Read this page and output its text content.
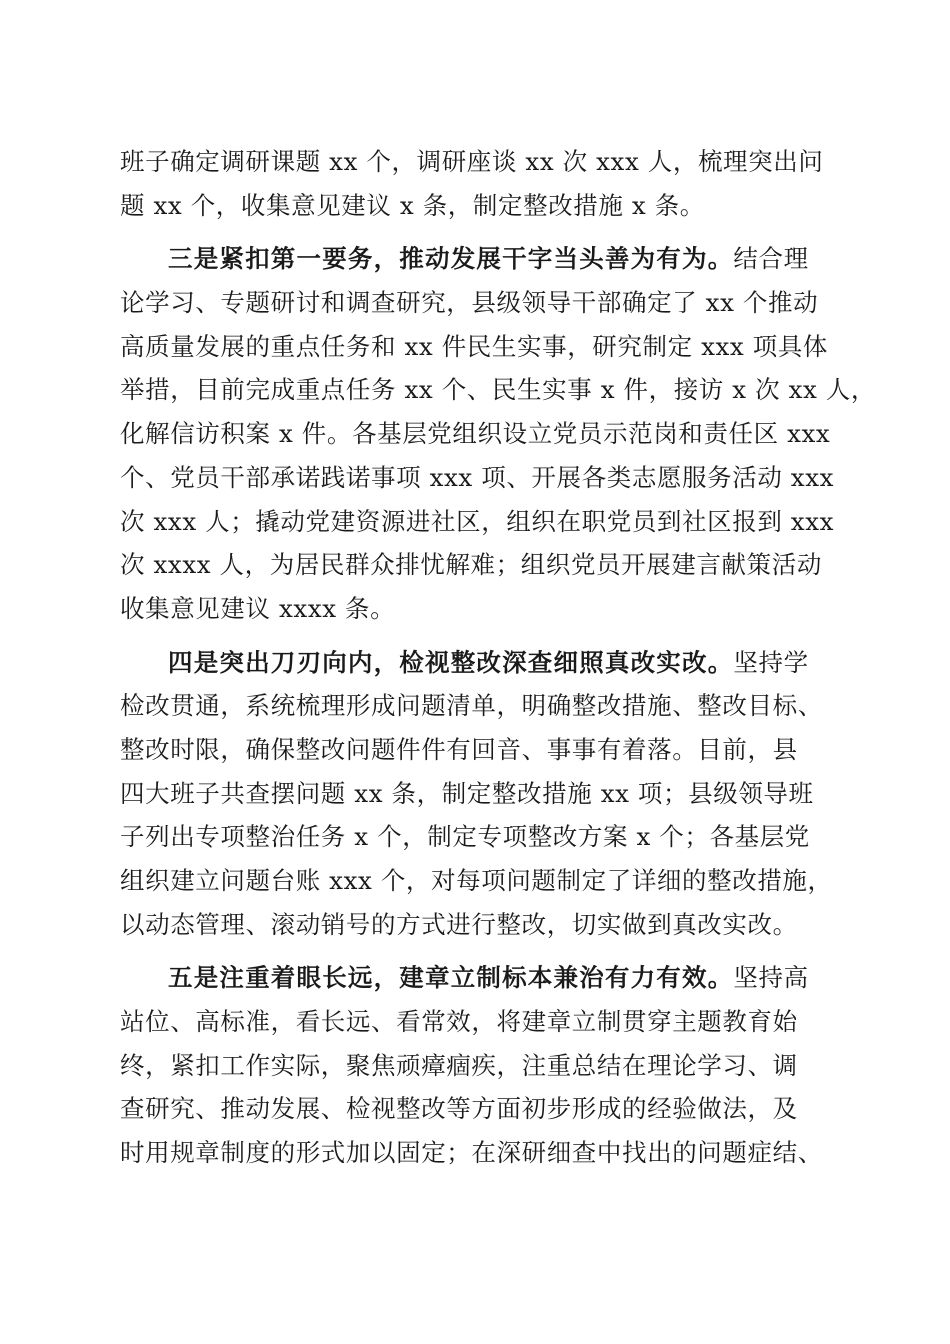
班子确定调研课题 xx 个，调研座谈 xx 次 xxx 人，梳理突出问
题 xx 个，收集意见建议 x 条，制定整改措施 x 条。
三是紧扣第一要务，推动发展干字当头善为有为。结合理
论学习、专题研讨和调查研究，县级领导干部确定了 xx 个推动
高质量发展的重点任务和 xx 件民生实事，研究制定 xxx 项具体
举措，目前完成重点任务 xx 个、民生实事 x 件，接访 x 次 xx 人，
化解信访积案 x 件。各基层党组织设立党员示范岗和责任区 xxx
个、党员干部承诺践诺事项 xxx 项、开展各类志愿服务活动 xxx
次 xxx 人；撬动党建资源进社区，组织在职党员到社区报到 xxx
次 xxxx 人，为居民群众排忧解难；组织党员开展建言献策活动
收集意见建议 xxxx 条。
四是突出刀刃向内，检视整改深查细照真改实改。坚持学
检改贯通，系统梳理形成问题清单，明确整改措施、整改目标、
整改时限，确保整改问题件件有回音、事事有着落。目前，县
四大班子共查摆问题 xx 条，制定整改措施 xx 项；县级领导班
子列出专项整治任务 x 个，制定专项整改方案 x 个；各基层党
组织建立问题台账 xxx 个，对每项问题制定了详细的整改措施，
以动态管理、滚动销号的方式进行整改，切实做到真改实改。
五是注重着眼长远，建章立制标本兼治有力有效。坚持高
站位、高标准，看长远、看常效，将建章立制贯穿主题教育始
终，紧扣工作实际，聚焦顽瘴痼疾，注重总结在理论学习、调
查研究、推动发展、检视整改等方面初步形成的经验做法，及
时用规章制度的形式加以固定；在深研细查中找出的问题症结、
